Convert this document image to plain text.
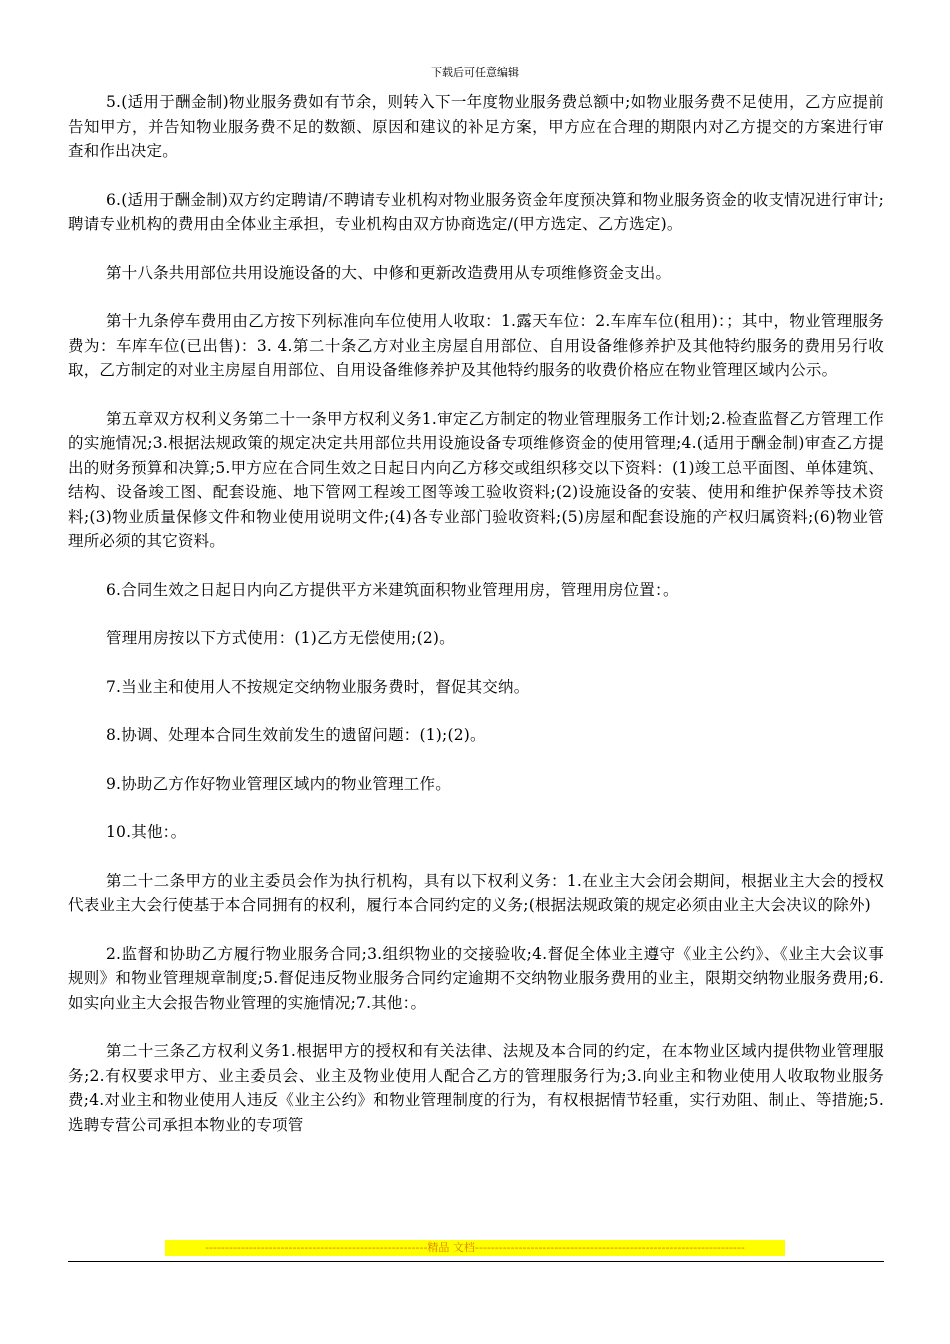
下载后可任意编辑

5.(适用于酬金制)物业服务费如有节余，则转入下一年度物业服务费总额中;如物业服务费不足使用，乙方应提前告知甲方，并告知物业服务费不足的数额、原因和建议的补足方案，甲方应在合理的期限内对乙方提交的方案进行审查和作出决定。

6.(适用于酬金制)双方约定聘请/不聘请专业机构对物业服务资金年度预决算和物业服务资金的收支情况进行审计;聘请专业机构的费用由全体业主承担，专业机构由双方协商选定/(甲方选定、乙方选定)。

第十八条共用部位共用设施设备的大、中修和更新改造费用从专项维修资金支出。

第十九条停车费用由乙方按下列标准向车位使用人收取：1.露天车位：2.车库车位(租用)：；其中，物业管理服务费为：车库车位(已出售)：3. 4.第二十条乙方对业主房屋自用部位、自用设备维修养护及其他特约服务的费用另行收取，乙方制定的对业主房屋自用部位、自用设备维修养护及其他特约服务的收费价格应在物业管理区域内公示。

第五章双方权利义务第二十一条甲方权利义务1.审定乙方制定的物业管理服务工作计划;2.检查监督乙方管理工作的实施情况;3.根据法规政策的规定决定共用部位共用设施设备专项维修资金的使用管理;4.(适用于酬金制)审查乙方提出的财务预算和决算;5.甲方应在合同生效之日起日内向乙方移交或组织移交以下资料：(1)竣工总平面图、单体建筑、结构、设备竣工图、配套设施、地下管网工程竣工图等竣工验收资料;(2)设施设备的安装、使用和维护保养等技术资料;(3)物业质量保修文件和物业使用说明文件;(4)各专业部门验收资料;(5)房屋和配套设施的产权归属资料;(6)物业管理所必须的其它资料。

6.合同生效之日起日内向乙方提供平方米建筑面积物业管理用房，管理用房位置：。

管理用房按以下方式使用：(1)乙方无偿使用;(2)。

7.当业主和使用人不按规定交纳物业服务费时，督促其交纳。

8.协调、处理本合同生效前发生的遗留问题：(1);(2)。

9.协助乙方作好物业管理区域内的物业管理工作。

10.其他：。

第二十二条甲方的业主委员会作为执行机构，具有以下权利义务：1.在业主大会闭会期间，根据业主大会的授权代表业主大会行使基于本合同拥有的权利，履行本合同约定的义务;(根据法规政策的规定必须由业主大会决议的除外)

2.监督和协助乙方履行物业服务合同;3.组织物业的交接验收;4.督促全体业主遵守《业主公约》、《业主大会议事规则》和物业管理规章制度;5.督促违反物业服务合同约定逾期不交纳物业服务费用的业主，限期交纳物业服务费用;6.如实向业主大会报告物业管理的实施情况;7.其他：。

第二十三条乙方权利义务1.根据甲方的授权和有关法律、法规及本合同的约定，在本物业区域内提供物业管理服务;2.有权要求甲方、业主委员会、业主及物业使用人配合乙方的管理服务行为;3.向业主和物业使用人收取物业服务费;4.对业主和物业使用人违反《业主公约》和物业管理制度的行为，有权根据情节轻重，实行劝阻、制止、等措施;5.选聘专营公司承担本物业的专项管

--------------------------------------------------------精品 文档--------------------------------------------------------------------
